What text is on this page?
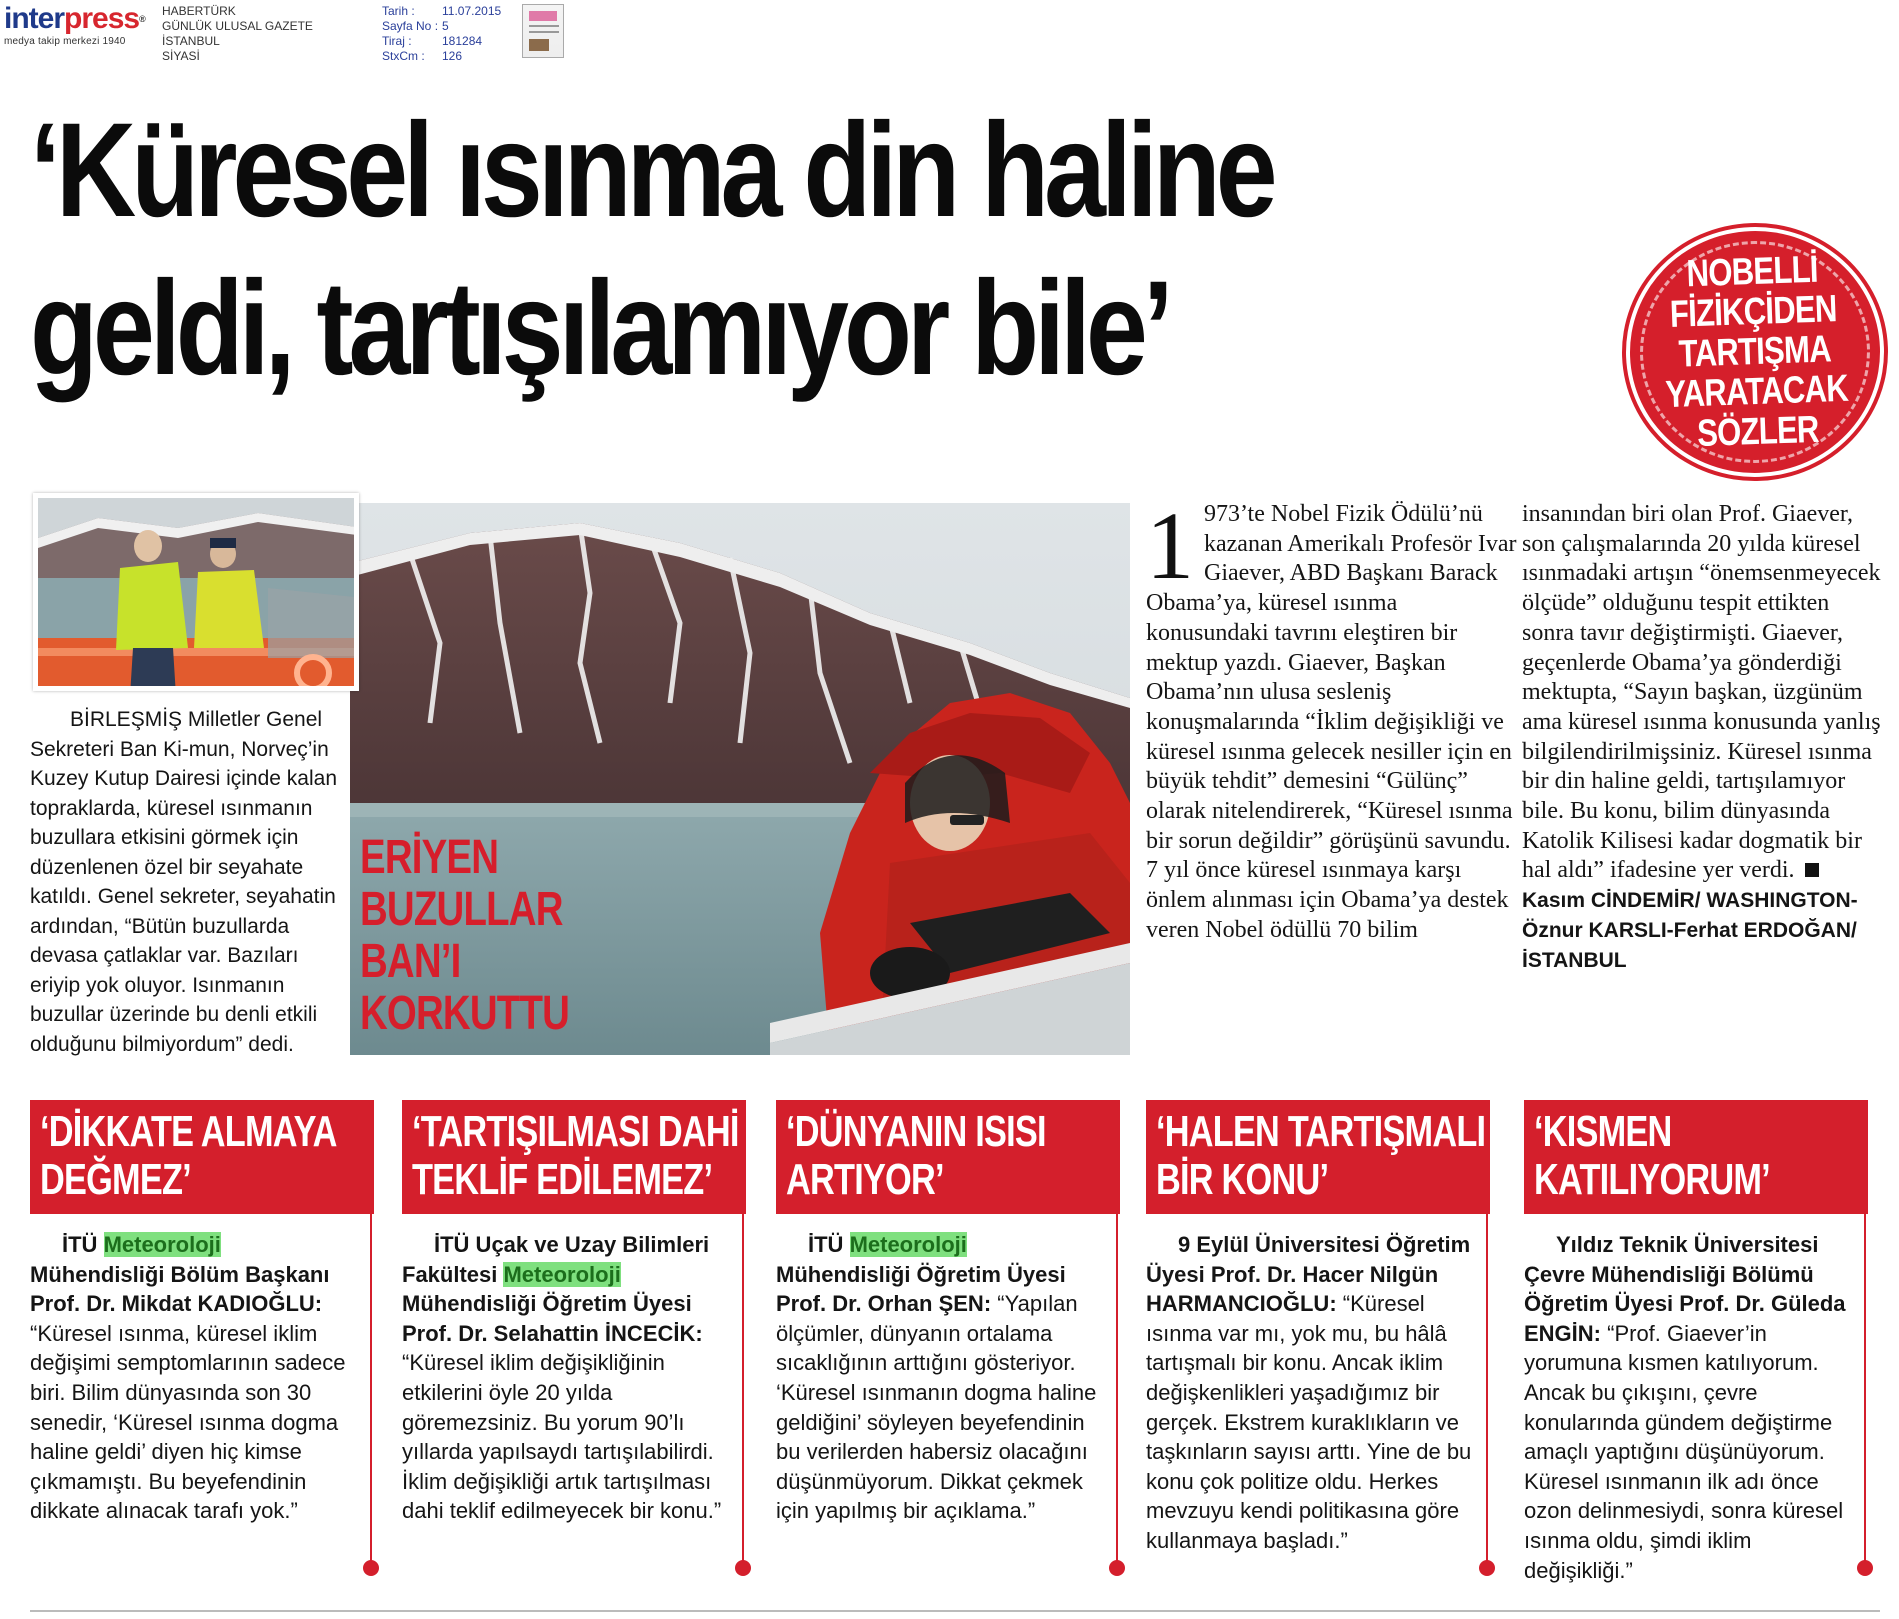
interpress®
medya takip merkezi 1940
HABERTÜRK
GÜNLÜK ULUSAL GAZETE
İSTANBUL
SİYASİ
Tarih :	11.07.2015
Sayfa No : 5
Tiraj :	181284
StxCm :	126
‘Küresel ısınma din haline
geldi, tartışılamıyor bile’	NOBELLİ
FİZİKÇİDEN
TARTIŞMA
YARATACAK
SÖZLER
ERİYEN
BUZULLAR
BAN’I
KORKUTTU
BİRLEŞMİŞ Milletler Genel Sekreteri Ban Ki-mun, Norveç’in Kuzey Kutup Dairesi içinde kalan topraklarda, küresel ısınmanın buzullara etkisini görmek için düzenlenen özel bir seyahate katıldı. Genel sekreter, seyahatin ardından, “Bütün buzullarda devasa çatlaklar var. Bazıları eriyip yok oluyor. Isınmanın buzullar üzerinde bu denli etkili olduğunu bilmiyordum” dedi.
1 973’te Nobel Fizik Ödülü’nü kazanan Amerikalı Profesör Ivar Giaever, ABD Başkanı Barack Obama’ya, küresel ısınma konusundaki tavrını eleştiren bir mektup yazdı. Giaever, Başkan Obama’nın ulusa sesleniş konuşmalarında “İklim değişikliği ve küresel ısınma gelecek nesiller için en büyük tehdit” demesini “Gülünç” olarak nitelendirerek, “Küresel ısınma bir sorun değildir” görüşünü savundu. 7 yıl önce küresel ısınmaya karşı önlem alınması için Obama’ya destek veren Nobel ödüllü 70 bilim
insanından biri olan Prof. Giaever, son çalışmalarında 20 yılda küresel ısınmadaki artışın “önemsenmeyecek ölçüde” olduğunu tespit ettikten sonra tavır değiştirmişti. Giaever, geçenlerde Obama’ya gönderdiği mektupta, “Sayın başkan, üzgünüm ama küresel ısınma konusunda yanlış bilgilendirilmişsiniz. Küresel ısınma bir din haline geldi, tartışılamıyor bile. Bu konu, bilim dünyasında Katolik Kilisesi kadar dogmatik bir hal aldı” ifadesine yer verdi. Kasım CİNDEMİR/ WASHINGTON-Öznur KARSLI-Ferhat ERDOĞAN/İSTANBUL
‘DİKKATE ALMAYA DEĞMEZ’
İTÜ Meteoroloji Mühendisliği Bölüm Başkanı Prof. Dr. Mikdat KADIOĞLU: “Küresel ısınma, küresel iklim değişimi semptomlarının sadece biri. Bilim dünyasında son 30 senedir, ‘Küresel ısınma dogma haline geldi’ diyen hiç kimse çıkmamıştı. Bu beyefendinin dikkate alınacak tarafı yok.”
‘TARTIŞILMASI DAHİ TEKLİF EDİLEMEZ’
İTÜ Uçak ve Uzay Bilimleri Fakültesi Meteoroloji Mühendisliği Öğretim Üyesi Prof. Dr. Selahattin İNCECİK: “Küresel iklim değişikliğinin etkilerini öyle 20 yılda göremezsiniz. Bu yorum 90’lı yıllarda yapılsaydı tartışılabilirdi. İklim değişikliği artık tartışılması dahi teklif edilmeyecek bir konu.”
‘DÜNYANIN ISISI ARTIYOR’
İTÜ Meteoroloji Mühendisliği Öğretim Üyesi Prof. Dr. Orhan ŞEN: “Yapılan ölçümler, dünyanın ortalama sıcaklığının arttığını gösteriyor. ‘Küresel ısınmanın dogma haline geldiğini’ söyleyen beyefendinin bu verilerden habersiz olacağını düşünmüyorum. Dikkat çekmek için yapılmış bir açıklama.”
‘HALEN TARTIŞMALI BİR KONU’
9 Eylül Üniversitesi Öğretim Üyesi Prof. Dr. Hacer Nilgün HARMANCIOĞLU: “Küresel ısınma var mı, yok mu, bu hâlâ tartışmalı bir konu. Ancak iklim değişkenlikleri yaşadığımız bir gerçek. Ekstrem kuraklıkların ve taşkınların sayısı arttı. Yine de bu konu çok politize oldu. Herkes mevzuyu kendi politikasına göre kullanmaya başladı.”
‘KISMEN KATILIYORUM’
Yıldız Teknik Üniversitesi Çevre Mühendisliği Bölümü Öğretim Üyesi Prof. Dr. Güleda ENGİN: “Prof. Giaever’in yorumuna kısmen katılıyorum. Ancak bu çıkışını, çevre konularında gündem değiştirme amaçlı yaptığını düşünüyorum. Küresel ısınmanın ilk adı önce ozon delinmesiydi, sonra küresel ısınma oldu, şimdi iklim değişikliği.”
